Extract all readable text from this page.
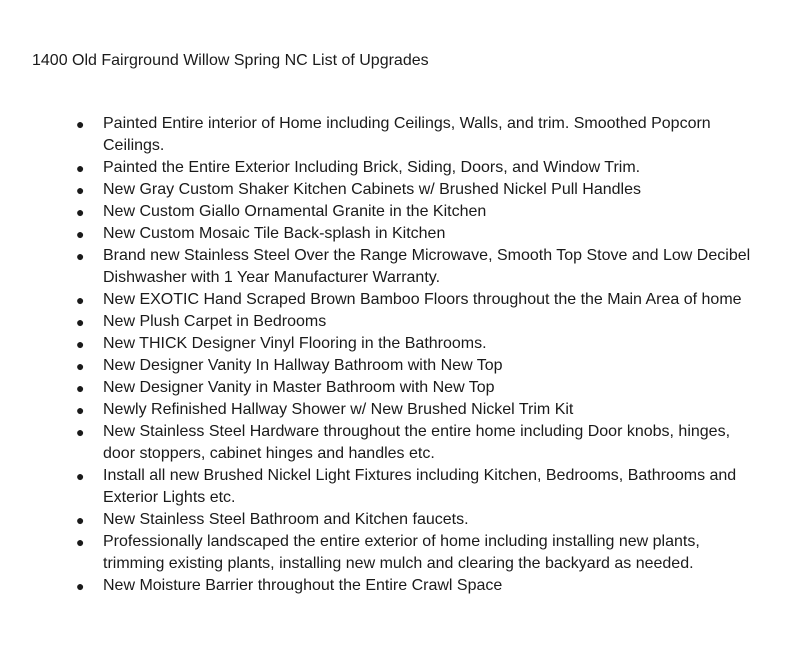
1400 Old Fairground Willow Spring NC List of Upgrades
● Painted Entire interior of Home including Ceilings, Walls, and trim. Smoothed Popcorn Ceilings.
● Painted the Entire Exterior Including Brick, Siding, Doors, and Window Trim.
● New Gray Custom Shaker Kitchen Cabinets w/ Brushed Nickel Pull Handles
● New Custom Giallo Ornamental Granite in the Kitchen
● New Custom Mosaic Tile Back-splash in Kitchen
● Brand new Stainless Steel Over the Range Microwave, Smooth Top Stove and Low Decibel Dishwasher with 1 Year Manufacturer Warranty.
● New EXOTIC Hand Scraped Brown Bamboo Floors throughout the the Main Area of home
● New Plush Carpet in Bedrooms
● New THICK Designer Vinyl Flooring in the Bathrooms.
● New Designer Vanity In Hallway Bathroom with New Top
● New Designer Vanity in Master Bathroom with New Top
● Newly Refinished Hallway Shower w/ New Brushed Nickel Trim Kit
● New Stainless Steel Hardware throughout the entire home including Door knobs, hinges, door stoppers, cabinet hinges and handles etc.
● Install all new Brushed Nickel Light Fixtures including Kitchen, Bedrooms, Bathrooms and Exterior Lights etc.
● New Stainless Steel Bathroom and Kitchen faucets.
● Professionally landscaped the entire exterior of home including installing new plants, trimming existing plants, installing new mulch and clearing the backyard as needed.
● New Moisture Barrier throughout the Entire Crawl Space
